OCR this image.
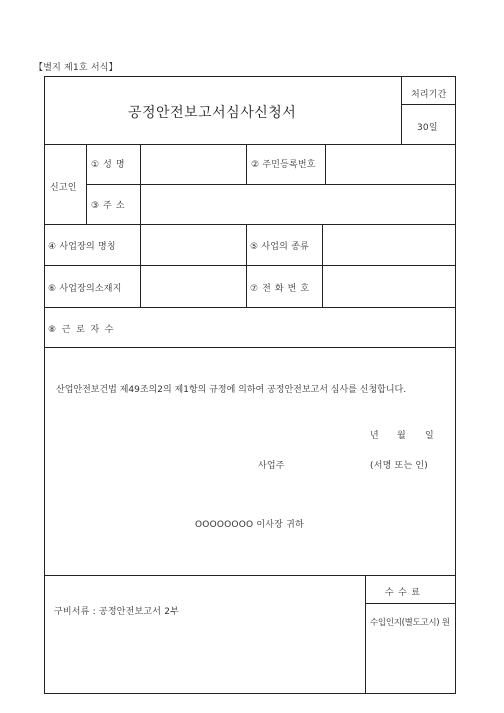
【별지 제1호 서식】
공정안전보고서심사신청서
처리기간
30일
신고인
① 성 명	② 주민등록번호
③ 주 소
④ 사업장의 명칭	⑤ 사업의 종류
⑥ 사업장의소재지	⑦ 전 화 번 호
⑧ 근 로 자 수
산업안전보건법 제49조의2의 제1항의 규정에 의하여 공정안전보고서 심사를 신청합니다.
년 월 일
사업주	(서명 또는 인)
OOOOOOOO 이사장 귀하
구비서류 : 공정안전보고서 2부
수 수 료
수입인지(별도고시) 원
